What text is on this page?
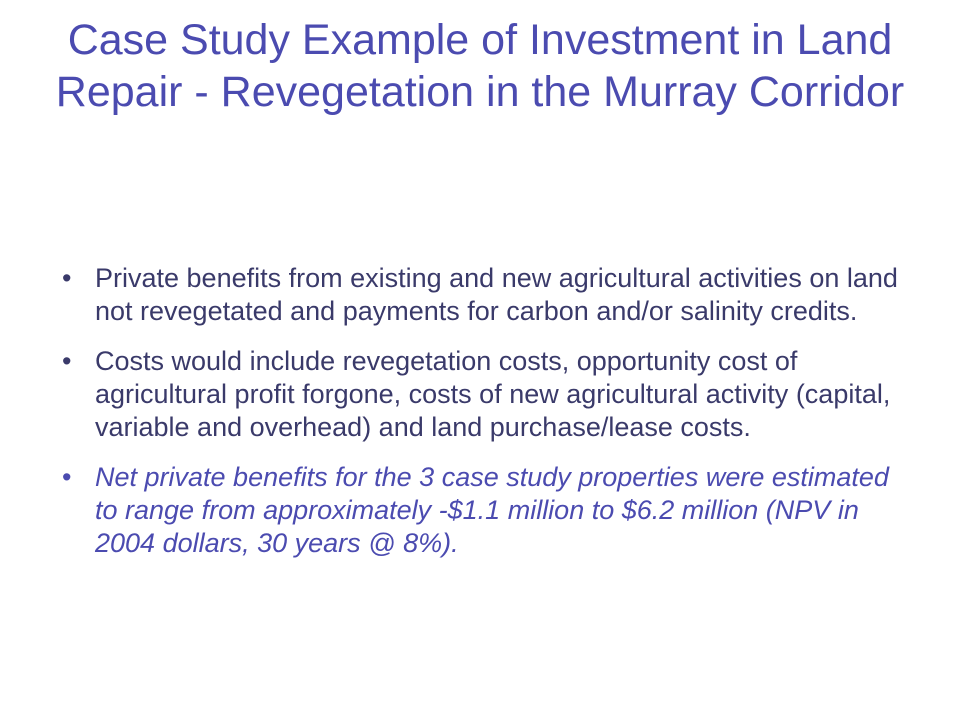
Case Study Example of Investment in Land Repair - Revegetation in the Murray Corridor
• Private benefits from existing and new agricultural activities on land not revegetated and payments for carbon and/or salinity credits.
• Costs would include revegetation costs, opportunity cost of agricultural profit forgone, costs of new agricultural activity (capital, variable and overhead) and land purchase/lease costs.
• Net private benefits for the 3 case study properties were estimated to range from approximately -$1.1 million to $6.2 million (NPV in 2004 dollars, 30 years @ 8%).
